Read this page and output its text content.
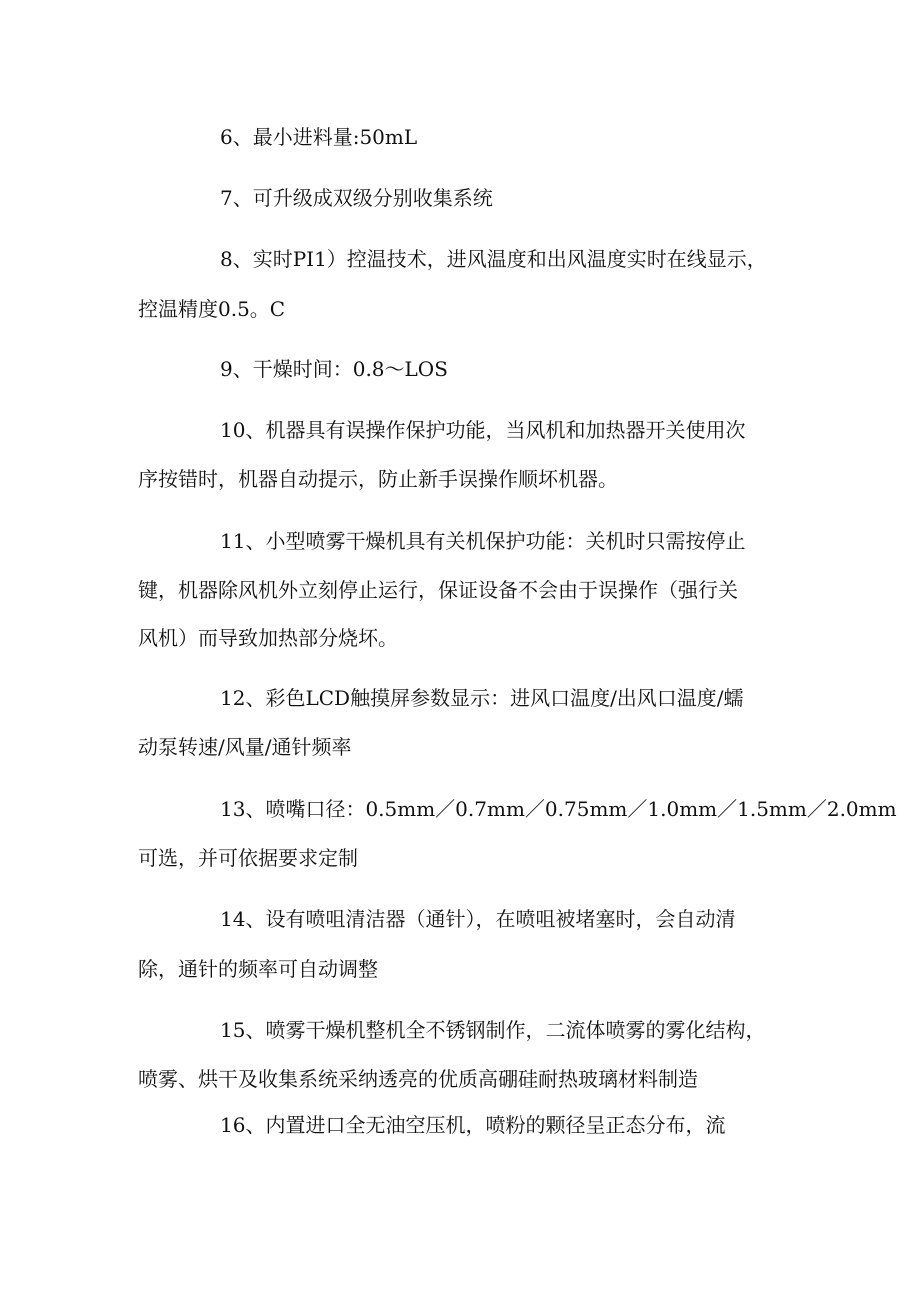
6、最小进料量:50mL
7、可升级成双级分别收集系统
8、实时PI1）控温技术，进风温度和出风温度实时在线显示，
控温精度0.5。C
9、干燥时间：0.8～LOS
10、机器具有误操作保护功能，当风机和加热器开关使用次
序按错时，机器自动提示，防止新手误操作顺坏机器。
11、小型喷雾干燥机具有关机保护功能：关机时只需按停止
键，机器除风机外立刻停止运行，保证设备不会由于误操作（强行关
风机）而导致加热部分烧坏。
12、彩色LCD触摸屏参数显示：进风口温度/出风口温度/蠕
动泵转速/风量/通针频率
13、喷嘴口径：0.5mm／0.7mm／0.75mm／1.0mm／1.5mm／2.0mm
可选，并可依据要求定制
14、设有喷咀清洁器（通针），在喷咀被堵塞时，会自动清
除，通针的频率可自动调整
15、喷雾干燥机整机全不锈钢制作，二流体喷雾的雾化结构，
喷雾、烘干及收集系统采纳透亮的优质高硼硅耐热玻璃材料制造
16、内置进口全无油空压机，喷粉的颗径呈正态分布，流
